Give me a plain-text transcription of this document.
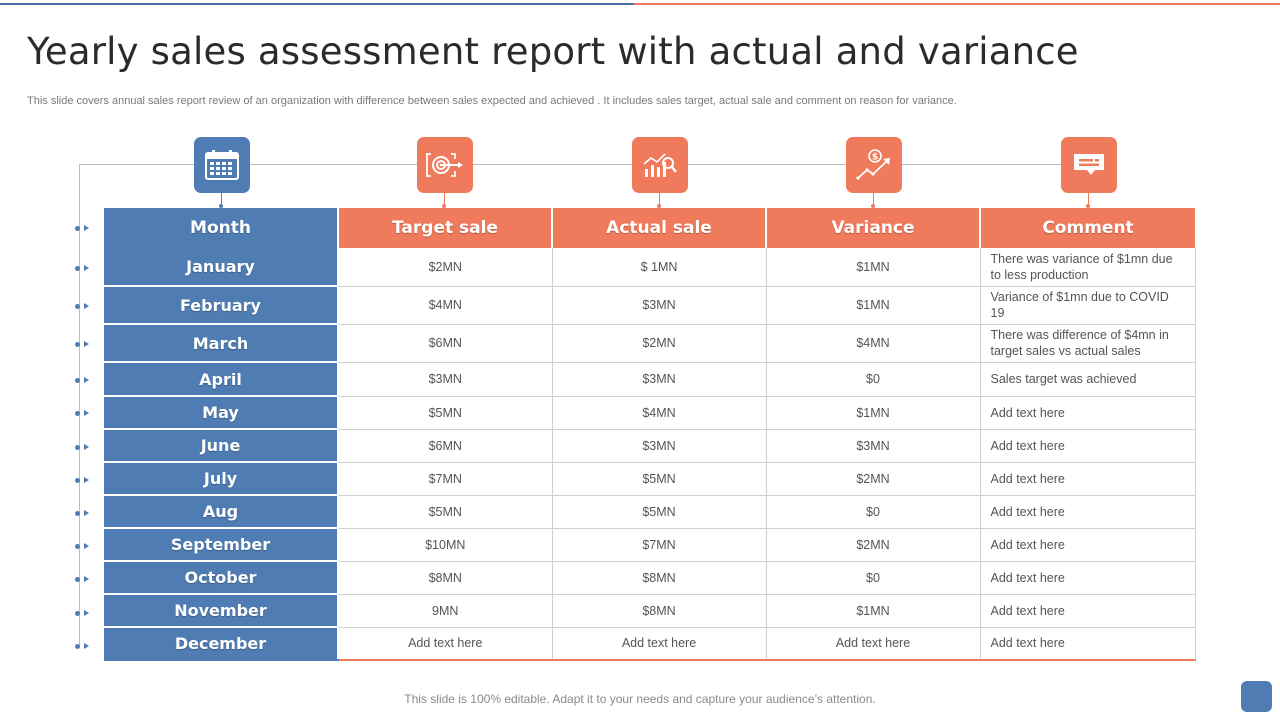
Yearly sales assessment report with actual and variance

This slide covers annual sales report review of an organization with difference between sales expected and achieved . It includes sales target, actual sale and comment on reason for variance.

$
Month	Target sale	Actual sale	Variance	Comment
January	$2MN	$ 1MN	$1MN	There was variance of $1mn due to less production
February	$4MN	$3MN	$1MN	Variance of $1mn due to COVID 19
March	$6MN	$2MN	$4MN	There was difference of $4mn in target sales vs actual sales
April	$3MN	$3MN	$0	Sales target was achieved
May	$5MN	$4MN	$1MN	Add text here
June	$6MN	$3MN	$3MN	Add text here
July	$7MN	$5MN	$2MN	Add text here
Aug	$5MN	$5MN	$0	Add text here
September	$10MN	$7MN	$2MN	Add text here
October	$8MN	$8MN	$0	Add text here
November	9MN	$8MN	$1MN	Add text here
December	Add text here	Add text here	Add text here	Add text here
This slide is 100% editable. Adapt it to your needs and capture your audience’s attention.
